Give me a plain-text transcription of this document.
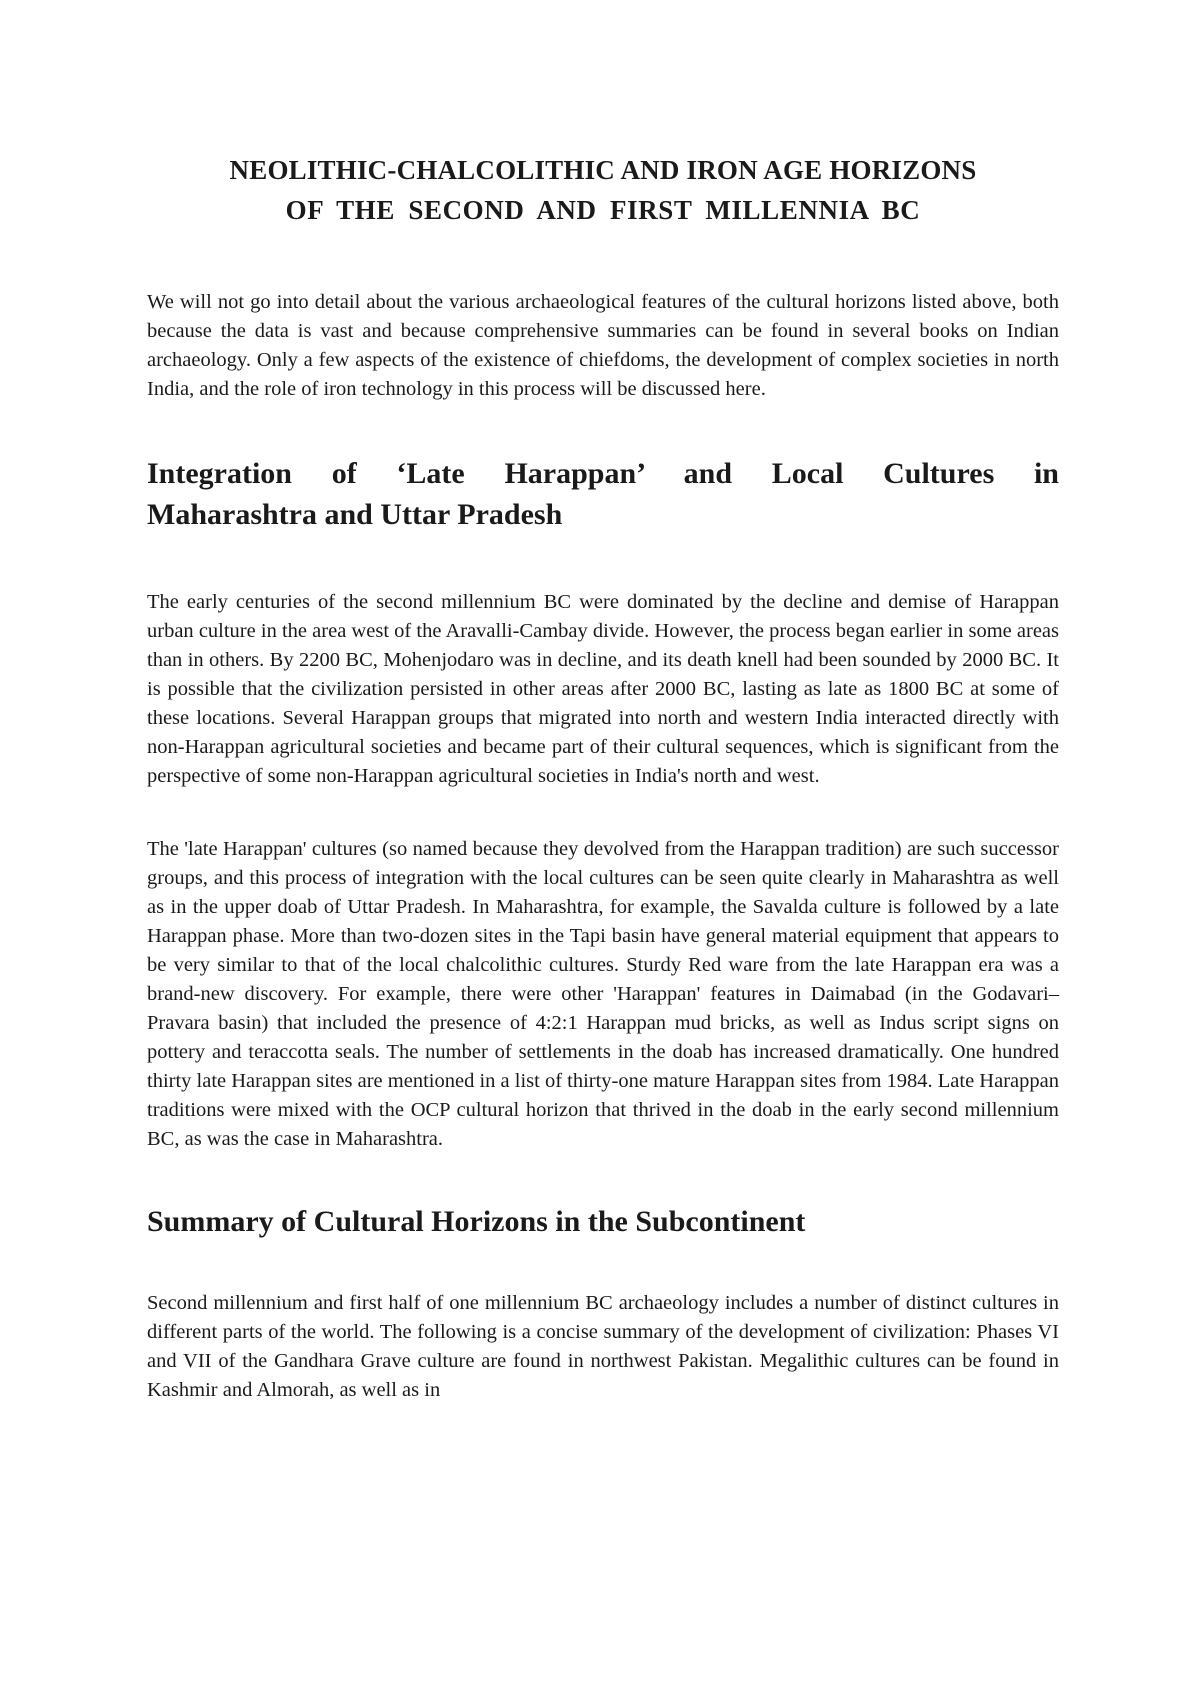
NEOLITHIC-CHALCOLITHIC AND IRON AGE HORIZONS
OF THE SECOND AND FIRST MILLENNIA BC

We will not go into detail about the various archaeological features of the cultural horizons listed above, both because the data is vast and because comprehensive summaries can be found in several books on Indian archaeology. Only a few aspects of the existence of chiefdoms, the development of complex societies in north India, and the role of iron technology in this process will be discussed here.

Integration of ‘Late Harappan’ and Local Cultures in
Maharashtra and Uttar Pradesh

The early centuries of the second millennium BC were dominated by the decline and demise of Harappan urban culture in the area west of the Aravalli-Cambay divide. However, the process began earlier in some areas than in others. By 2200 BC, Mohenjodaro was in decline, and its death knell had been sounded by 2000 BC. It is possible that the civilization persisted in other areas after 2000 BC, lasting as late as 1800 BC at some of these locations. Several Harappan groups that migrated into north and western India interacted directly with non-Harappan agricultural societies and became part of their cultural sequences, which is significant from the perspective of some non-Harappan agricultural societies in India's north and west.

The 'late Harappan' cultures (so named because they devolved from the Harappan tradition) are such successor groups, and this process of integration with the local cultures can be seen quite clearly in Maharashtra as well as in the upper doab of Uttar Pradesh. In Maharashtra, for example, the Savalda culture is followed by a late Harappan phase. More than two-dozen sites in the Tapi basin have general material equipment that appears to be very similar to that of the local chalcolithic cultures. Sturdy Red ware from the late Harappan era was a brand-new discovery. For example, there were other 'Harappan' features in Daimabad (in the Godavari–Pravara basin) that included the presence of 4:2:1 Harappan mud bricks, as well as Indus script signs on pottery and teraccotta seals. The number of settlements in the doab has increased dramatically. One hundred thirty late Harappan sites are mentioned in a list of thirty-one mature Harappan sites from 1984. Late Harappan traditions were mixed with the OCP cultural horizon that thrived in the doab in the early second millennium BC, as was the case in Maharashtra.

Summary of Cultural Horizons in the Subcontinent

Second millennium and first half of one millennium BC archaeology includes a number of distinct cultures in different parts of the world. The following is a concise summary of the development of civilization: Phases VI and VII of the Gandhara Grave culture are found in northwest Pakistan. Megalithic cultures can be found in Kashmir and Almorah, as well as in
